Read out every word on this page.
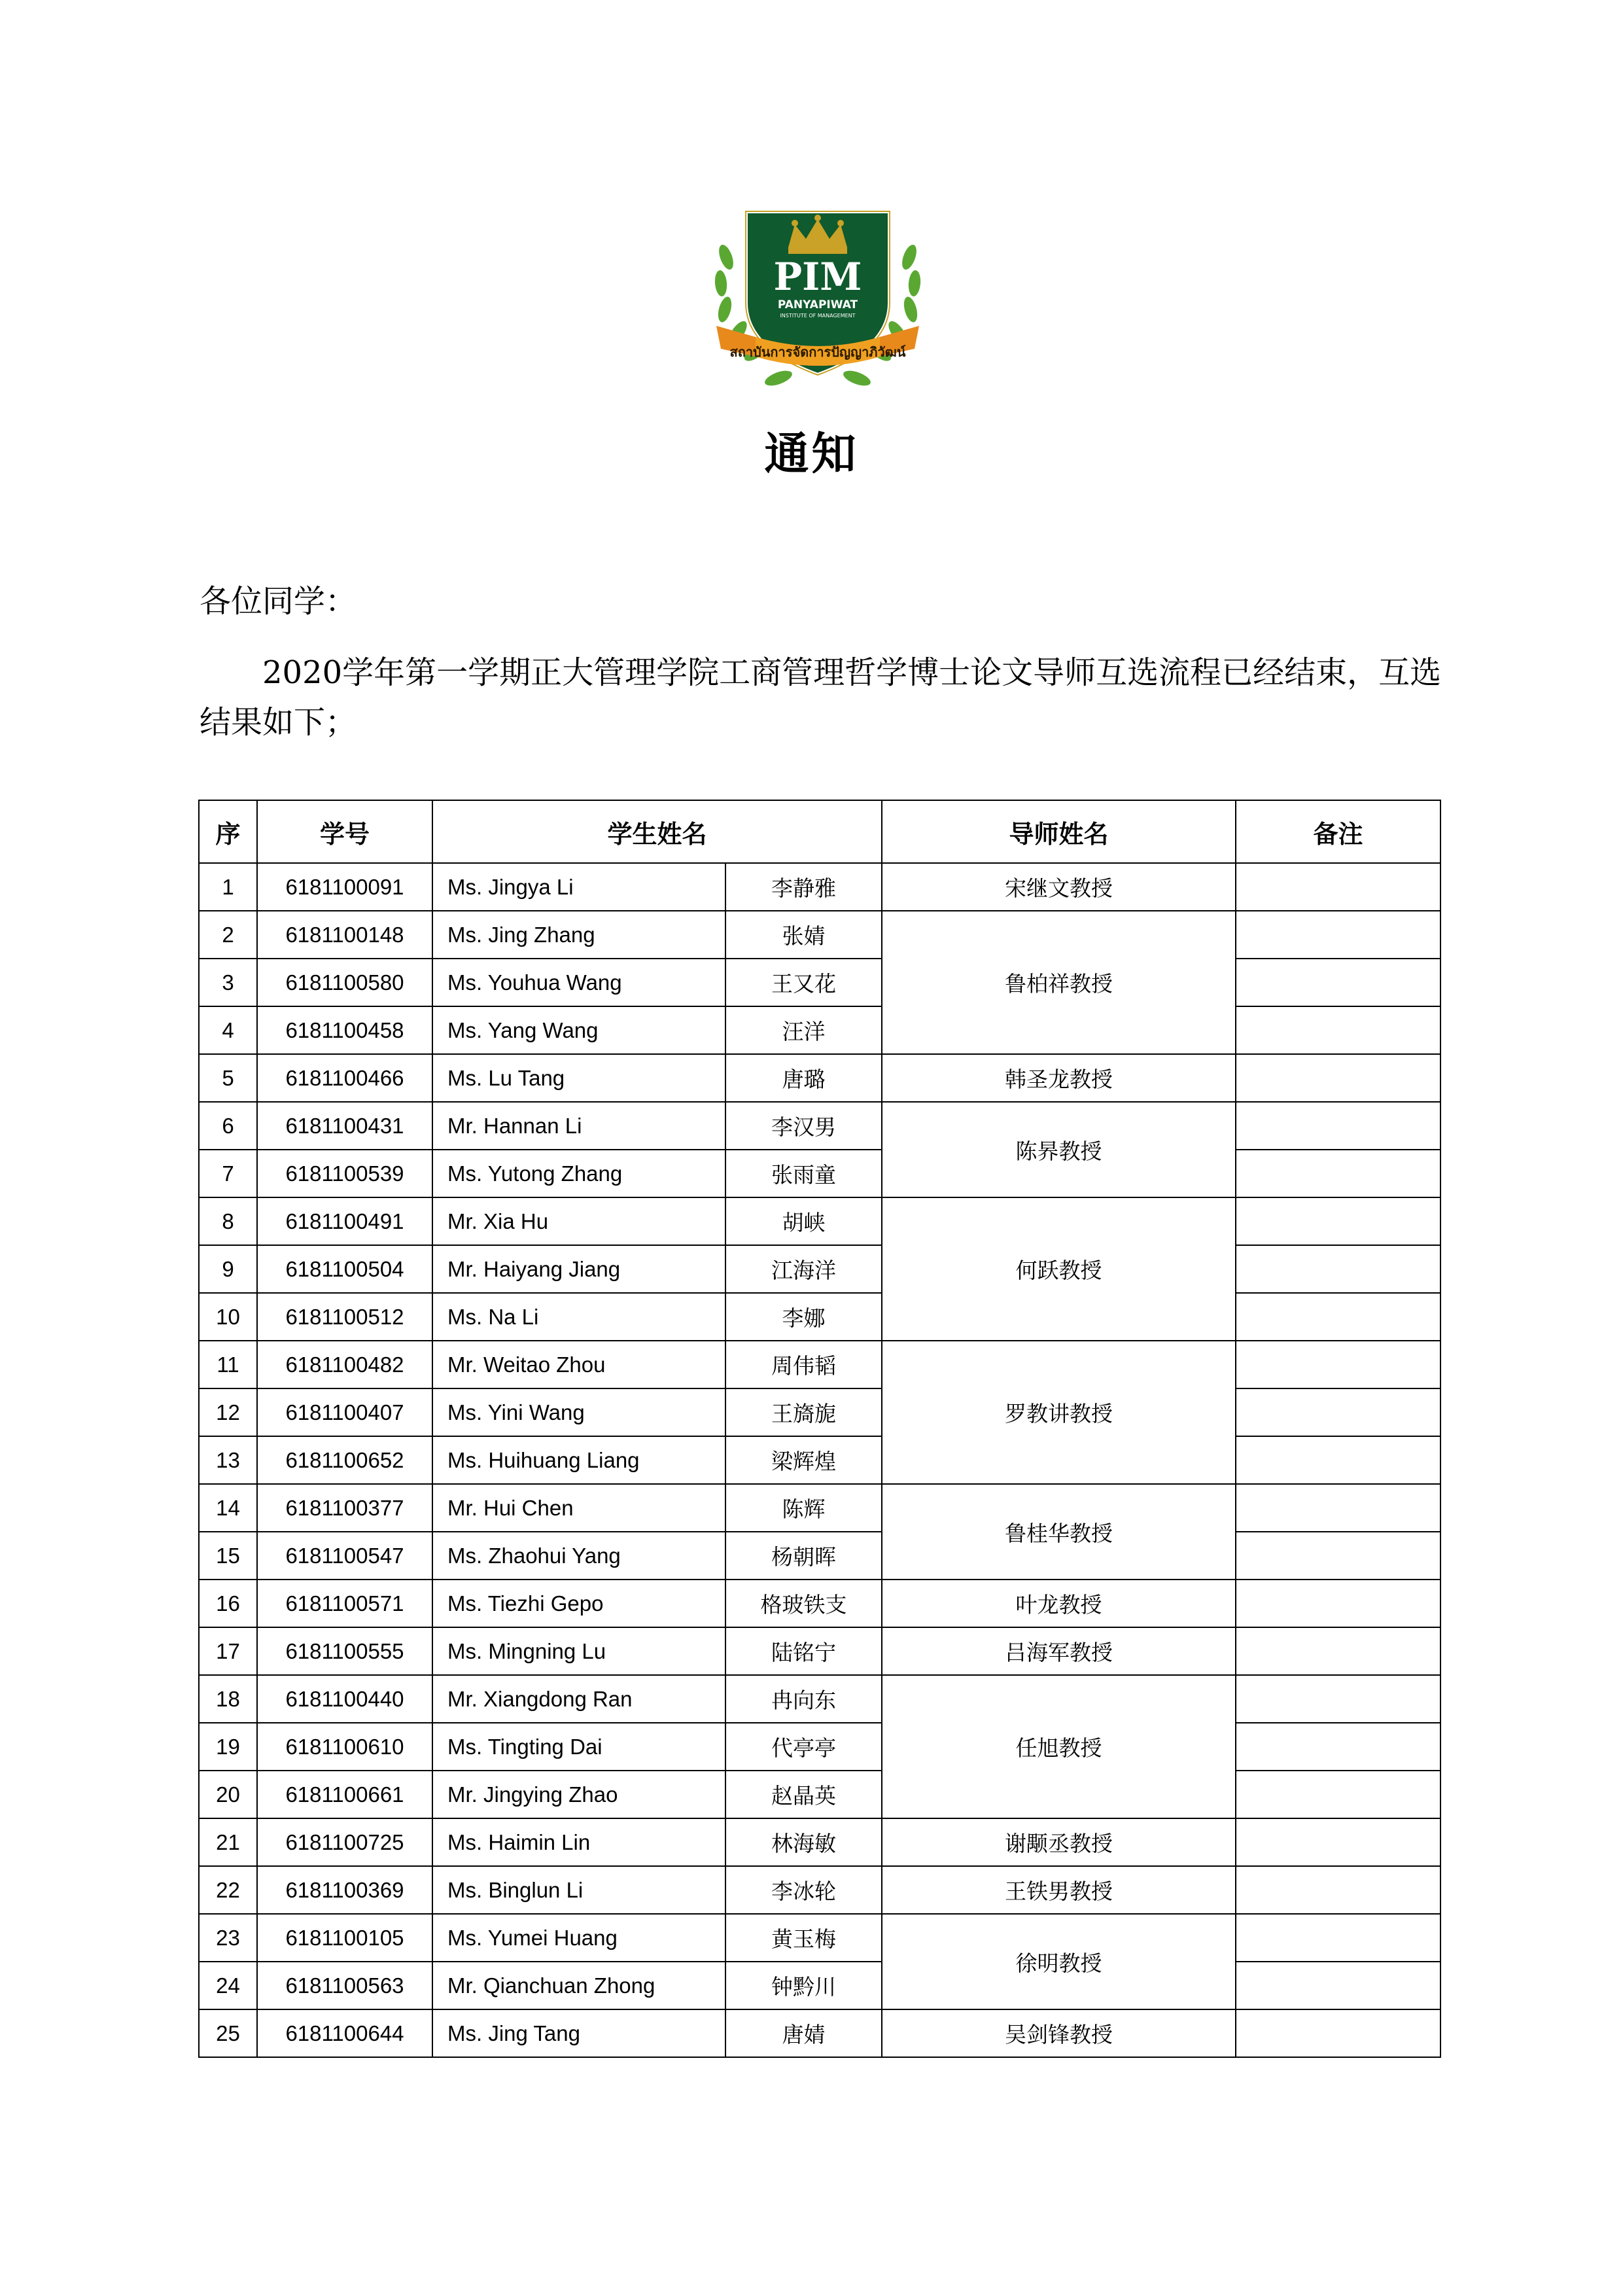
PIM
PANYAPIWAT
INSTITUTE OF MANAGEMENT
สถาบันการจัดการปัญญาภิวัฒน์
通知
各位同学：
2020学年第一学期正大管理学院工商管理哲学博士论文导师互选流程已经结束，互选结果如下；
序	学号	学生姓名		导师姓名	备注
1	6181100091	Ms. Jingya Li	李静雅	宋继文教授	
2	6181100148	Ms. Jing Zhang	张婧	鲁柏祥教授	
3	6181100580	Ms. Youhua Wang	王又花		
4	6181100458	Ms. Yang Wang	汪洋		
5	6181100466	Ms. Lu Tang	唐璐	韩圣龙教授	
6	6181100431	Mr. Hannan Li	李汉男	陈昦教授	
7	6181100539	Ms. Yutong Zhang	张雨童		
8	6181100491	Mr. Xia Hu	胡峡	何跃教授	
9	6181100504	Mr. Haiyang Jiang	江海洋		
10	6181100512	Ms. Na Li	李娜		
11	6181100482	Mr. Weitao Zhou	周伟韬	罗教讲教授	
12	6181100407	Ms. Yini Wang	王旖旎		
13	6181100652	Ms. Huihuang Liang	梁辉煌		
14	6181100377	Mr. Hui Chen	陈辉	鲁桂华教授	
15	6181100547	Ms. Zhaohui Yang	杨朝晖		
16	6181100571	Ms. Tiezhi Gepo	格玻铁支	叶龙教授	
17	6181100555	Ms. Mingning Lu	陆铭宁	吕海军教授	
18	6181100440	Mr. Xiangdong Ran	冉向东	任旭教授	
19	6181100610	Ms. Tingting Dai	代亭亭		
20	6181100661	Mr. Jingying Zhao	赵晶英		
21	6181100725	Ms. Haimin Lin	林海敏	谢颙丞教授	
22	6181100369	Ms. Binglun Li	李冰轮	王铁男教授	
23	6181100105	Ms. Yumei Huang	黄玉梅	徐明教授	
24	6181100563	Mr. Qianchuan Zhong	钟黔川		
25	6181100644	Ms. Jing Tang	唐婧	吴剑锋教授	
